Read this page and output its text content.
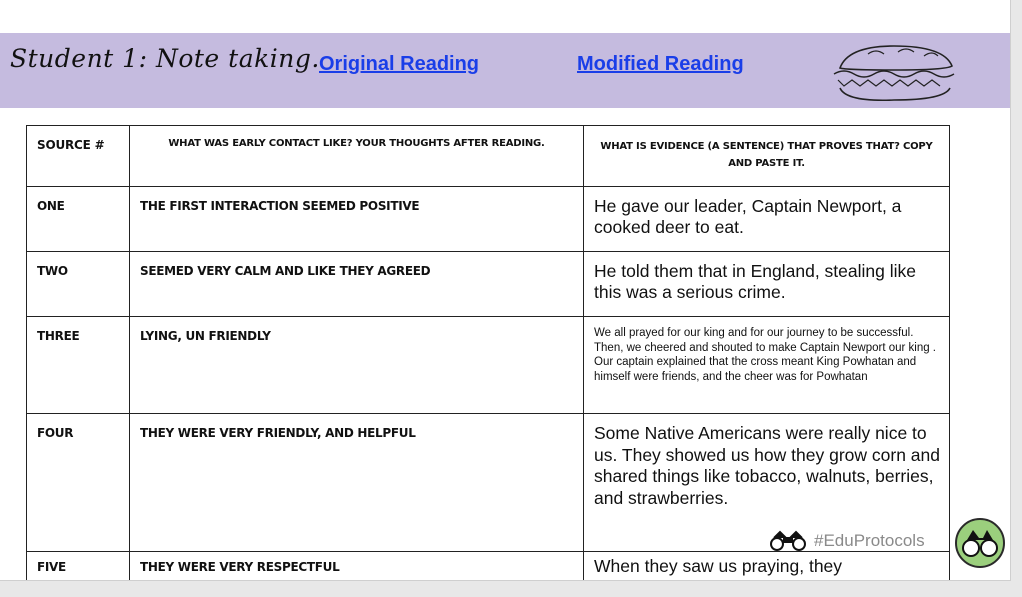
Student 1: Note taking. Original Reading	Modified Reading
SOURCE #	WHAT WAS EARLY CONTACT LIKE? YOUR THOUGHTS AFTER READING.	WHAT IS EVIDENCE (A SENTENCE) THAT PROVES THAT? COPY AND PASTE IT.
ONE	THE FIRST INTERACTION SEEMED POSITIVE	He gave our leader, Captain Newport, a cooked deer to eat.
TWO	SEEMED VERY CALM AND LIKE THEY AGREED	He told them that in England, stealing like this was a serious crime.
THREE	LYING, UN FRIENDLY	We all prayed for our king and for our journey to be successful. Then, we cheered and shouted to make Captain Newport our king . Our captain explained that the cross meant King Powhatan and himself were friends, and the cheer was for Powhatan
FOUR	THEY WERE VERY FRIENDLY, AND HELPFUL	Some Native Americans were really nice to us. They showed us how they grow corn and shared things like tobacco, walnuts, berries, and strawberries.
FIVE	THEY WERE VERY RESPECTFUL	When they saw us praying, they
#EduProtocols
